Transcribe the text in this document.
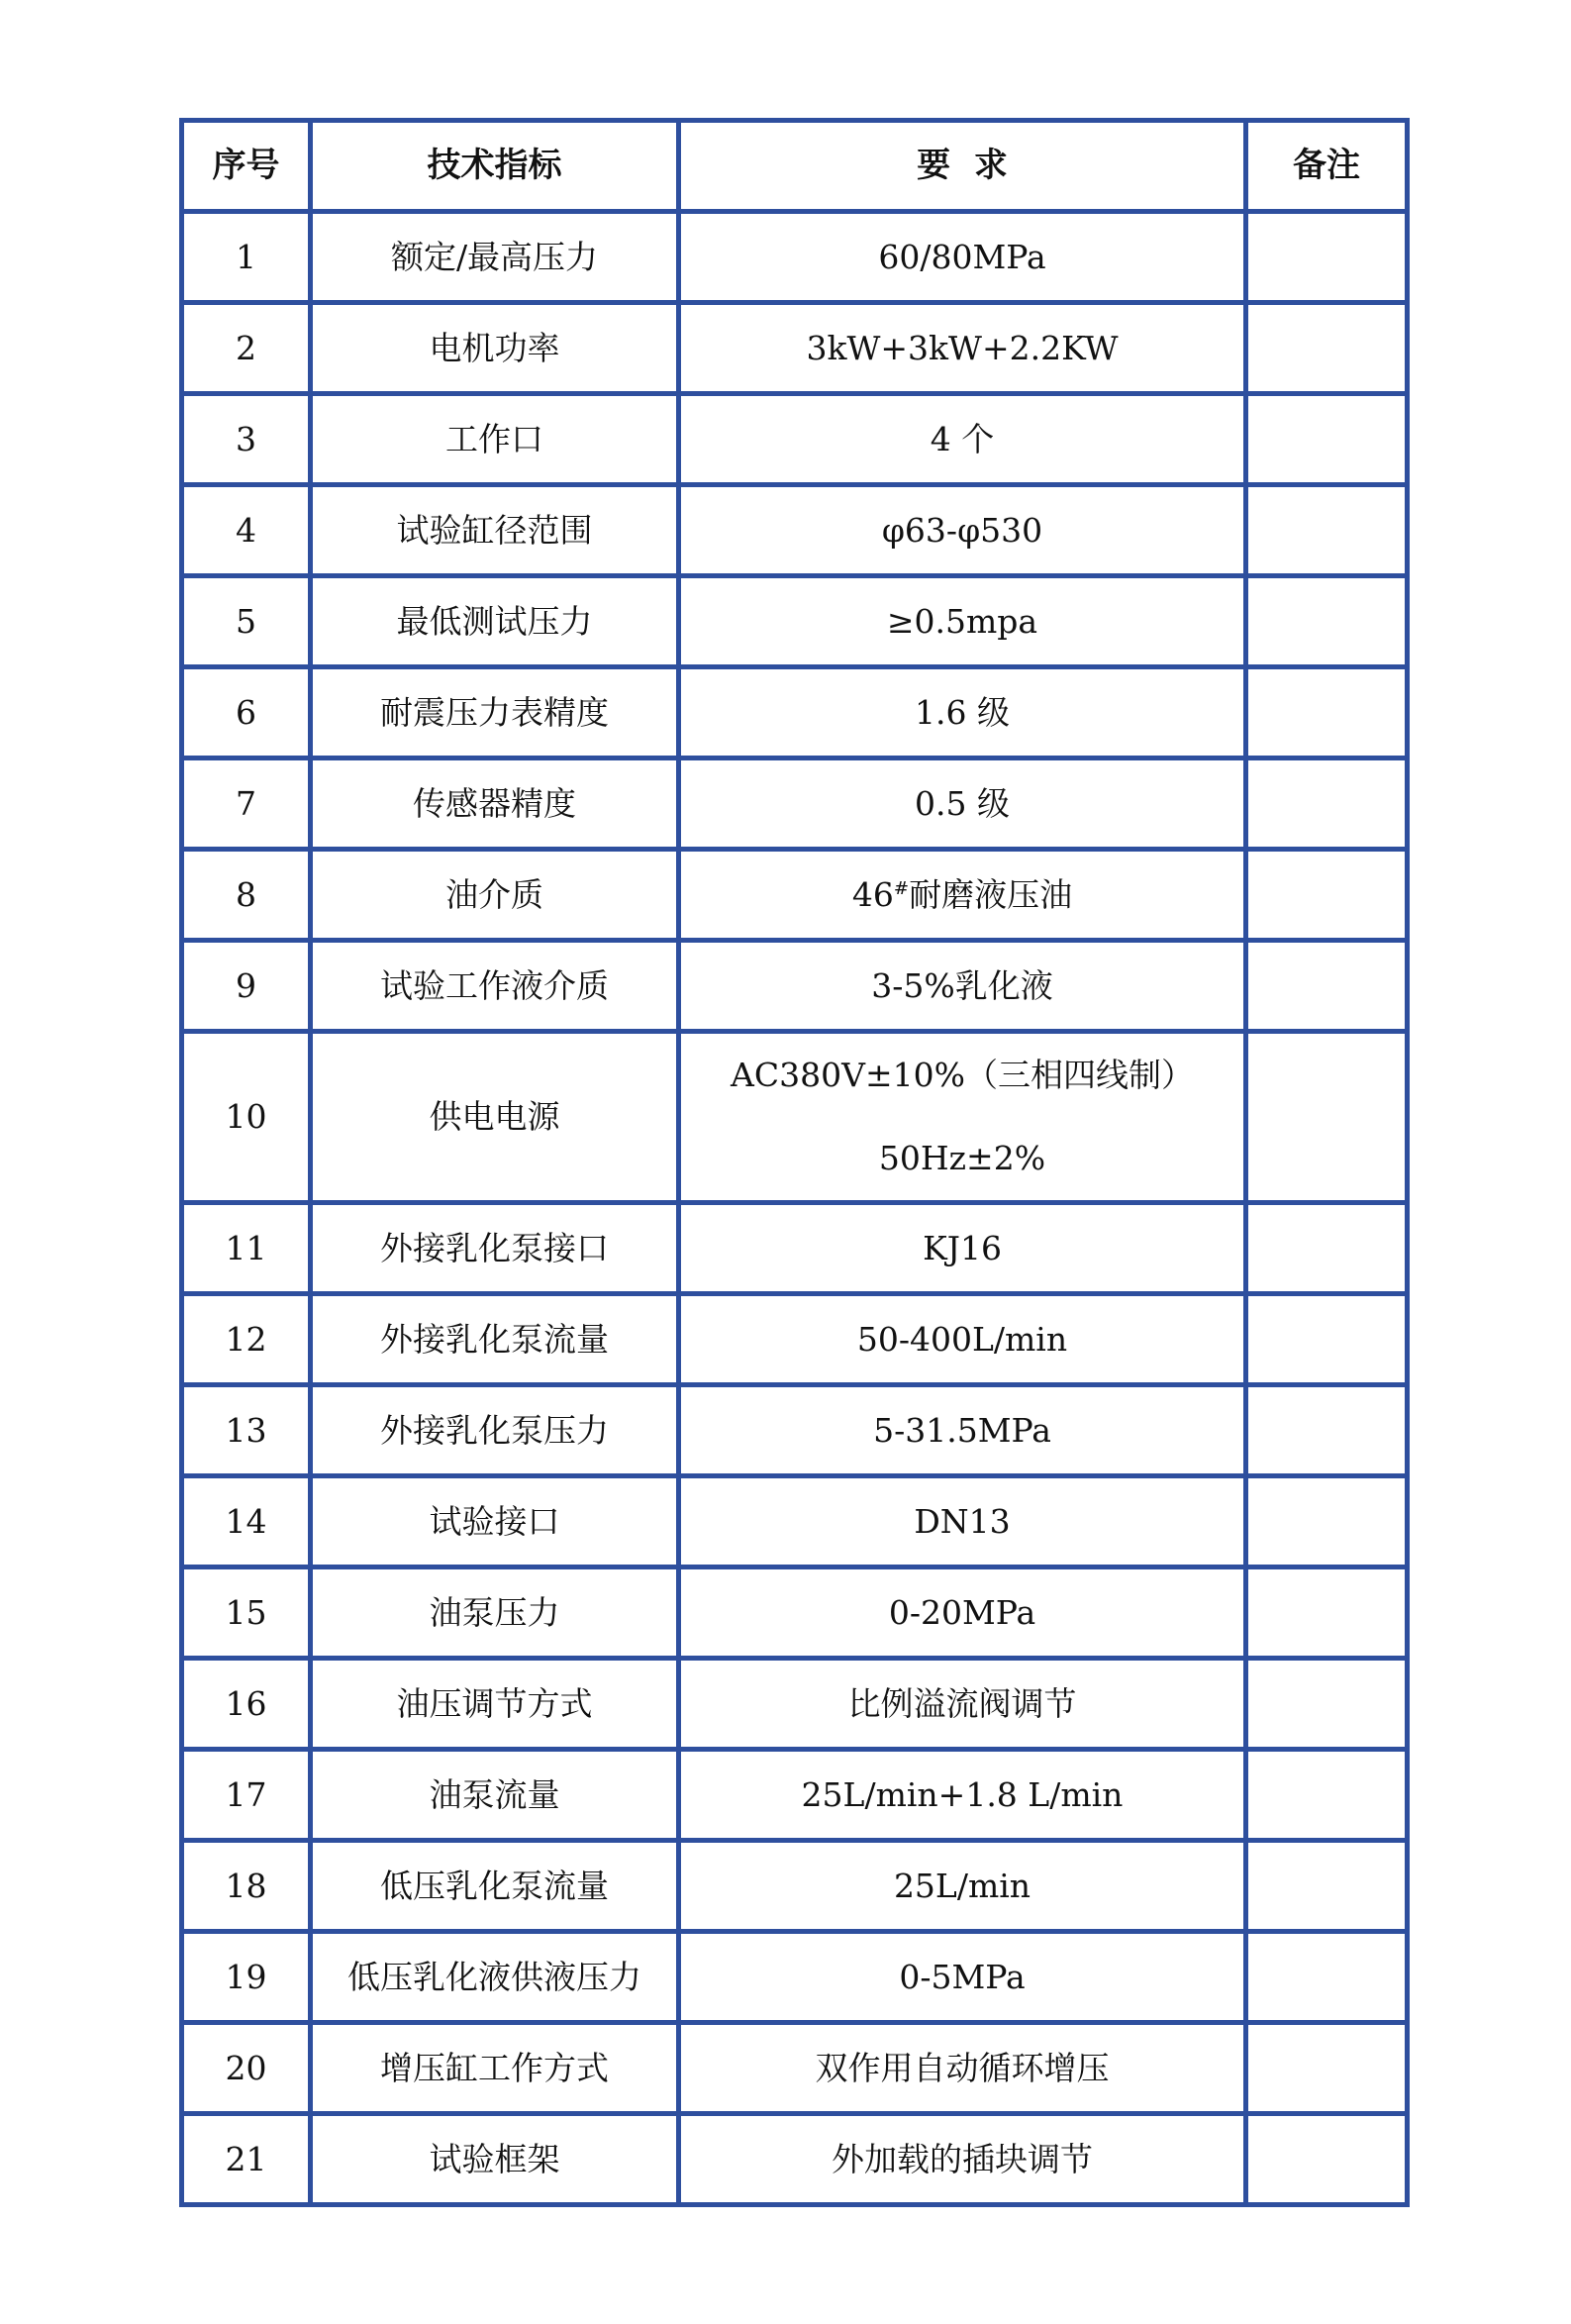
序号	技术指标	要  求	备注
1	额定/最高压力	60/80MPa	
2	电机功率	3kW+3kW+2.2KW	
3	工作口	4 个	
4	试验缸径范围	φ63-φ530	
5	最低测试压力	≥0.5mpa	
6	耐震压力表精度	1.6 级	
7	传感器精度	0.5 级	
8	油介质	46#耐磨液压油	
9	试验工作液介质	3-5%乳化液	
10	供电电源	AC380V±10%（三相四线制）
50Hz±2%	

11	外接乳化泵接口	KJ16	
12	外接乳化泵流量	50-400L/min	
13	外接乳化泵压力	5-31.5MPa	
14	试验接口	DN13	
15	油泵压力	0-20MPa	
16	油压调节方式	比例溢流阀调节	
17	油泵流量	25L/min+1.8 L/min	
18	低压乳化泵流量	25L/min	
19	低压乳化液供液压力	0-5MPa	
20	增压缸工作方式	双作用自动循环增压	
21	试验框架	外加载的插块调节	
